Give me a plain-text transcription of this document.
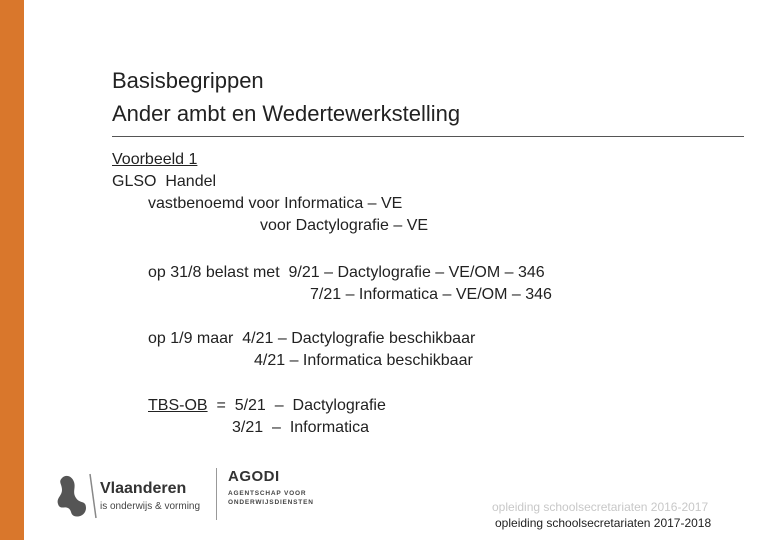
Basisbegrippen
Ander ambt en Wedertewerkstelling
Voorbeeld 1
GLSO  Handel
vastbenoemd voor Informatica – VE
voor Dactylografie – VE
op 31/8 belast met  9/21 – Dactylografie – VE/OM – 346
7/21 – Informatica – VE/OM – 346
op 1/9 maar  4/21 – Dactylografie beschikbaar
4/21 – Informatica beschikbaar
TBS-OB  =  5/21  –  Dactylografie
3/21  –  Informatica
Vlaanderen
is onderwijs & vorming
AGODI
AGENTSCHAP VOOR
ONDERWIJSDIENSTEN	opleiding schoolsecretariaten 2016-2017
opleiding schoolsecretariaten 2017-2018
